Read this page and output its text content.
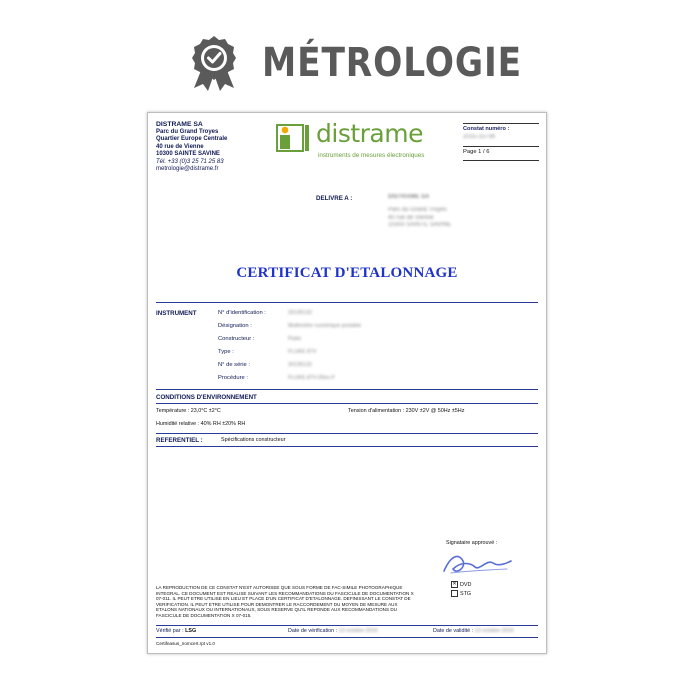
MÉTROLOGIE
DISTRAME SA
Parc du Grand Troyes
Quartier Europe Centrale
40 rue de Vienne
10300 SAINTE SAVINE
Tél. +33 (0)3 25 71 25 83
metrologie@distrame.fr
distrame
instruments de mesures électroniques
Constat numéro :
2015-15736
Page 1 / 6
DELIVRE A :	DISTRAME SA
Parc du Grand Troyes
40 rue de Vienne
10300 SAINTE SAVINE
CERTIFICAT D'ETALONNAGE
INSTRUMENT	N° d'identification :	20135132
Désignation :	Multimètre numérique portable
Constructeur :	Fluke
Type :	FLUKE 87V
N° de série :	20135132
Procédure :	FLUKE-87V-05ex-F
CONDITIONS D'ENVIRONNEMENT
Température : 23,0°C ±2°C	Tension d'alimentation : 230V ±2V @ 50Hz ±5Hz
Humidité relative : 40% RH ±20% RH
REFERENTIEL :	Spécifications constructeur
Signataire approuvé :
LA REPRODUCTION DE CE CONSTAT N'EST AUTORISEE QUE SOUS FORME DE FAC-SIMILE PHOTOGRAPHIQUE INTEGRAL. CE DOCUMENT EST REALISE SUIVANT LES RECOMMANDATIONS DU FASCICULE DE DOCUMENTATION X 07-011. IL PEUT ETRE UTILISE EN LIEU ET PLACE D'UN CERTIFICAT D'ETALONNAGE. DEFINISSANT LE CONSTAT DE VERIFICATION. IL PEUT ETRE UTILISE POUR DEMONTRER LE RACCORDEMENT DU MOYEN DE MESURE AUX ETALONS NATIONAUX OU INTERNATIONAUX, SOUS RESERVE QU'IL REPONDE AUX RECOMMANDATIONS DU FASCICULE DE DOCUMENTATION X 07-015.
✕ DVD
STG
Vérifié par : LSG	Date de vérification : 13 octobre 2015	Date de validité : 13 octobre 2016
Certifeasus_nomcert.rpt v1.0
